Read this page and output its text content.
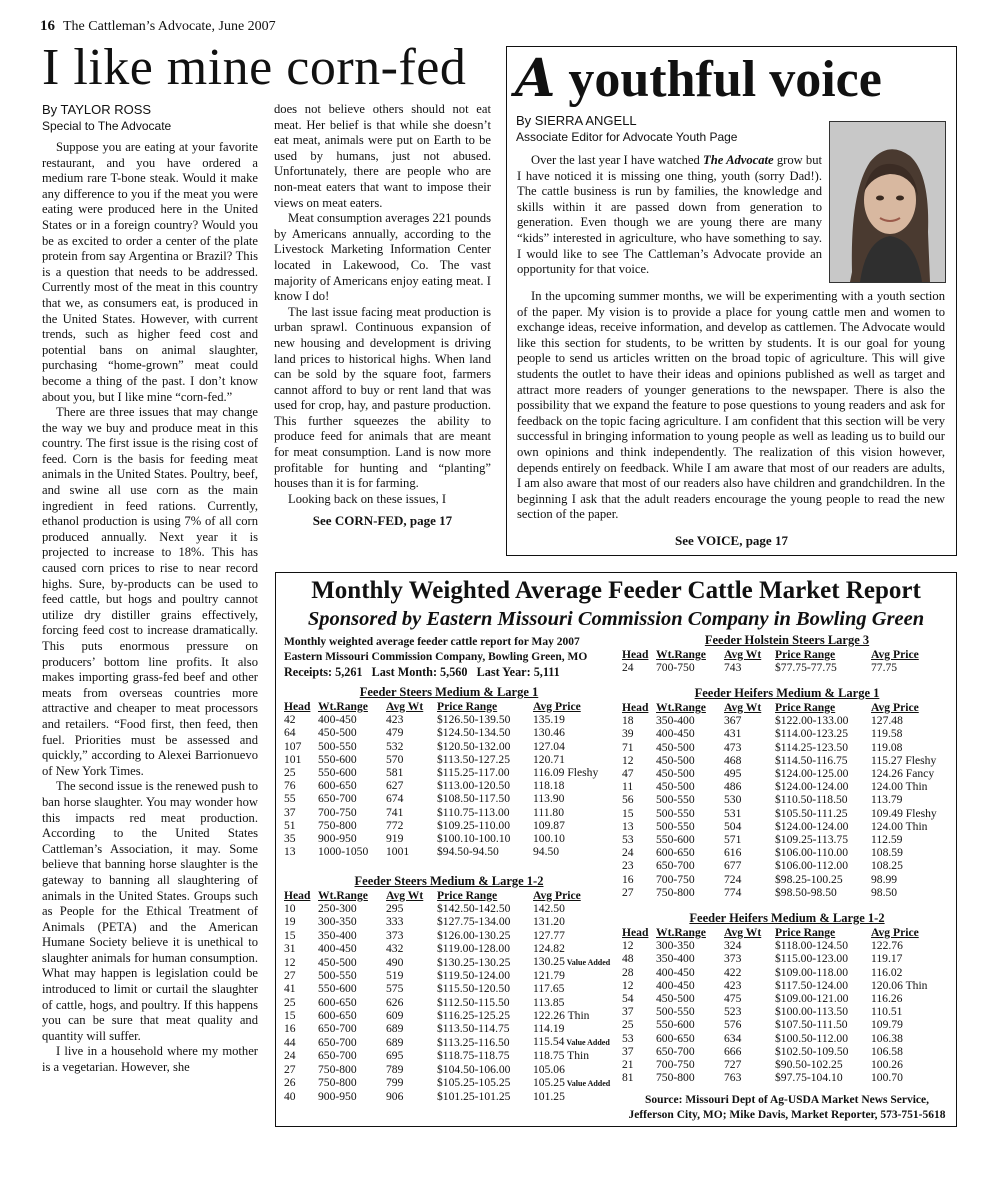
16 The Cattleman’s Advocate, June 2007
I like mine corn-fed
By TAYLOR ROSS
Special to The Advocate

Suppose you are eating at your favorite restaurant, and you have ordered a medium rare T-bone steak. Would it make any difference to you if the meat you were eating were produced here in the United States or in a foreign country? Would you be as excited to order a center of the plate protein from say Argentina or Brazil? This is a question that needs to be addressed. Currently most of the meat in this country that we, as consumers eat, is produced in the United States. However, with current trends, such as higher feed cost and potential bans on animal slaughter, purchasing “home-grown” meat could become a thing of the past. I don’t know about you, but I like mine “corn-fed.”

There are three issues that may change the way we buy and produce meat in this country. The first issue is the rising cost of feed. Corn is the basis for feeding meat animals in the United States. Poultry, beef, and swine all use corn as the main ingredient in feed rations. Currently, ethanol production is using 7% of all corn produced annually. Next year it is projected to increase to 18%. This has caused corn prices to rise to near record highs. Sure, by-products can be used to feed cattle, but hogs and poultry cannot utilize dry distiller grains effectively, forcing feed cost to increase dramatically. This puts enormous pressure on producers’ bottom line profits. It also makes importing grass-fed beef and other meats from overseas countries more attractive and cheaper to meat processors and retailers. “Food first, then feed, then fuel. Priorities must be assessed and quickly,” according to Alexei Barrionuevo of New York Times.

The second issue is the renewed push to ban horse slaughter. You may wonder how this impacts red meat production. According to the United States Cattleman’s Association, it may. Some believe that banning horse slaughter is the gateway to banning all slaughtering of animals in the United States. Groups such as People for the Ethical Treatment of Animals (PETA) and the American Humane Society believe it is unethical to slaughter animals for human consumption. What may happen is legislation could be introduced to limit or curtail the slaughter of cattle, hogs, and poultry. If this happens you can be sure that meat quality and quantity will suffer.

I live in a household where my mother is a vegetarian. However, she

does not believe others should not eat meat. Her belief is that while she doesn’t eat meat, animals were put on Earth to be used by humans, just not abused. Unfortunately, there are people who are non-meat eaters that want to impose their views on meat eaters.

Meat consumption averages 221 pounds by Americans annually, according to the Livestock Marketing Information Center located in Lakewood, Co. The vast majority of Americans enjoy eating meat. I know I do!

The last issue facing meat production is urban sprawl. Continuous expansion of new housing and development is driving land prices to historical highs. When land can be sold by the square foot, farmers cannot afford to buy or rent land that was used for crop, hay, and pasture production. This further squeezes the ability to produce feed for animals that are meant for meat consumption. Land is now more profitable for hunting and “planting” houses than it is for farming.

Looking back on these issues, I

See CORN-FED, page 17
A youthful voice
By SIERRA ANGELL
Associate Editor for Advocate Youth Page

Over the last year I have watched The Advocate grow but I have noticed it is missing one thing, youth (sorry Dad!). The cattle business is run by families, the knowledge and skills within it are passed down from generation to generation. Even though we are young there are many “kids” interested in agriculture, who have something to say. I would like to see The Cattleman’s Advocate provide an opportunity for that voice.

In the upcoming summer months, we will be experimenting with a youth section of the paper. My vision is to provide a place for young cattle men and women to exchange ideas, receive information, and develop as cattlemen. The Advocate would like this section for students, to be written by students. It is our goal for young people to send us articles written on the broad topic of agriculture. This will give students the outlet to have their ideas and opinions published as well as target and attract more readers of younger generations to the newspaper. There is also the possibility that we expand the feature to pose questions to young readers and ask for feedback on the topic facing agriculture. I am confident that this section will be very successful in bringing information to young people as well as leading us to build our own opinions and think independently. The realization of this vision however, depends entirely on feedback. While I am aware that most of our readers are adults, I am also aware that most of our readers also have children and grandchildren. In the beginning I ask that the adult readers encourage the young people to read the new section of the paper.

See VOICE, page 17
Monthly Weighted Average Feeder Cattle Market Report
Sponsored by Eastern Missouri Commission Company in Bowling Green
Monthly weighted average feeder cattle report for May 2007
Eastern Missouri Commission Company, Bowling Green, MO
Receipts: 5,261   Last Month: 5,560   Last Year: 5,111
Feeder Steers Medium & Large 1
Head	Wt.Range	Avg Wt	Price Range	Avg Price
42	400-450	423	$126.50-139.50	135.19
64	450-500	479	$124.50-134.50	130.46
107	500-550	532	$120.50-132.00	127.04
101	550-600	570	$113.50-127.25	120.71
25	550-600	581	$115.25-117.00	116.09 Fleshy
76	600-650	627	$113.00-120.50	118.18
55	650-700	674	$108.50-117.50	113.90
37	700-750	741	$110.75-113.00	111.80
51	750-800	772	$109.25-110.00	109.87
35	900-950	919	$100.10-100.10	100.10
13	1000-1050	1001	$94.50-94.50	94.50
Feeder Steers Medium & Large 1-2
Head	Wt.Range	Avg Wt	Price Range	Avg Price
10	250-300	295	$142.50-142.50	142.50
19	300-350	333	$127.75-134.00	131.20
15	350-400	373	$126.00-130.25	127.77
31	400-450	432	$119.00-128.00	124.82
12	450-500	490	$130.25-130.25	130.25 Value Added
27	500-550	519	$119.50-124.00	121.79
41	550-600	575	$115.50-120.50	117.65
25	600-650	626	$112.50-115.50	113.85
15	600-650	609	$116.25-125.25	122.26 Thin
16	650-700	689	$113.50-114.75	114.19
44	650-700	689	$113.25-116.50	115.54 Value Added
24	650-700	695	$118.75-118.75	118.75 Thin
27	750-800	789	$104.50-106.00	105.06
26	750-800	799	$105.25-105.25	105.25 Value Added
40	900-950	906	$101.25-101.25	101.25
Feeder Holstein Steers Large 3
Head	Wt.Range	Avg Wt	Price Range	Avg Price
24	700-750	743	$77.75-77.75	77.75
Feeder Heifers Medium & Large 1
Head	Wt.Range	Avg Wt	Price Range	Avg Price
18	350-400	367	$122.00-133.00	127.48
39	400-450	431	$114.00-123.25	119.58
71	450-500	473	$114.25-123.50	119.08
12	450-500	468	$114.50-116.75	115.27 Fleshy
47	450-500	495	$124.00-125.00	124.26 Fancy
11	450-500	486	$124.00-124.00	124.00 Thin
56	500-550	530	$110.50-118.50	113.79
15	500-550	531	$105.50-111.25	109.49 Fleshy
13	500-550	504	$124.00-124.00	124.00 Thin
53	550-600	571	$109.25-113.75	112.59
24	600-650	616	$106.00-110.00	108.59
23	650-700	677	$106.00-112.00	108.25
16	700-750	724	$98.25-100.25	98.99
27	750-800	774	$98.50-98.50	98.50
Feeder Heifers Medium & Large 1-2
Head	Wt.Range	Avg Wt	Price Range	Avg Price
12	300-350	324	$118.00-124.50	122.76
48	350-400	373	$115.00-123.00	119.17
28	400-450	422	$109.00-118.00	116.02
12	400-450	423	$117.50-124.00	120.06 Thin
54	450-500	475	$109.00-121.00	116.26
37	500-550	523	$100.00-113.50	110.51
25	550-600	576	$107.50-111.50	109.79
53	600-650	634	$100.50-112.00	106.38
37	650-700	666	$102.50-109.50	106.58
21	700-750	727	$90.50-102.25	100.26
81	750-800	763	$97.75-104.10	100.70
Source: Missouri Dept of Ag-USDA Market News Service,
Jefferson City, MO; Mike Davis, Market Reporter, 573-751-5618
